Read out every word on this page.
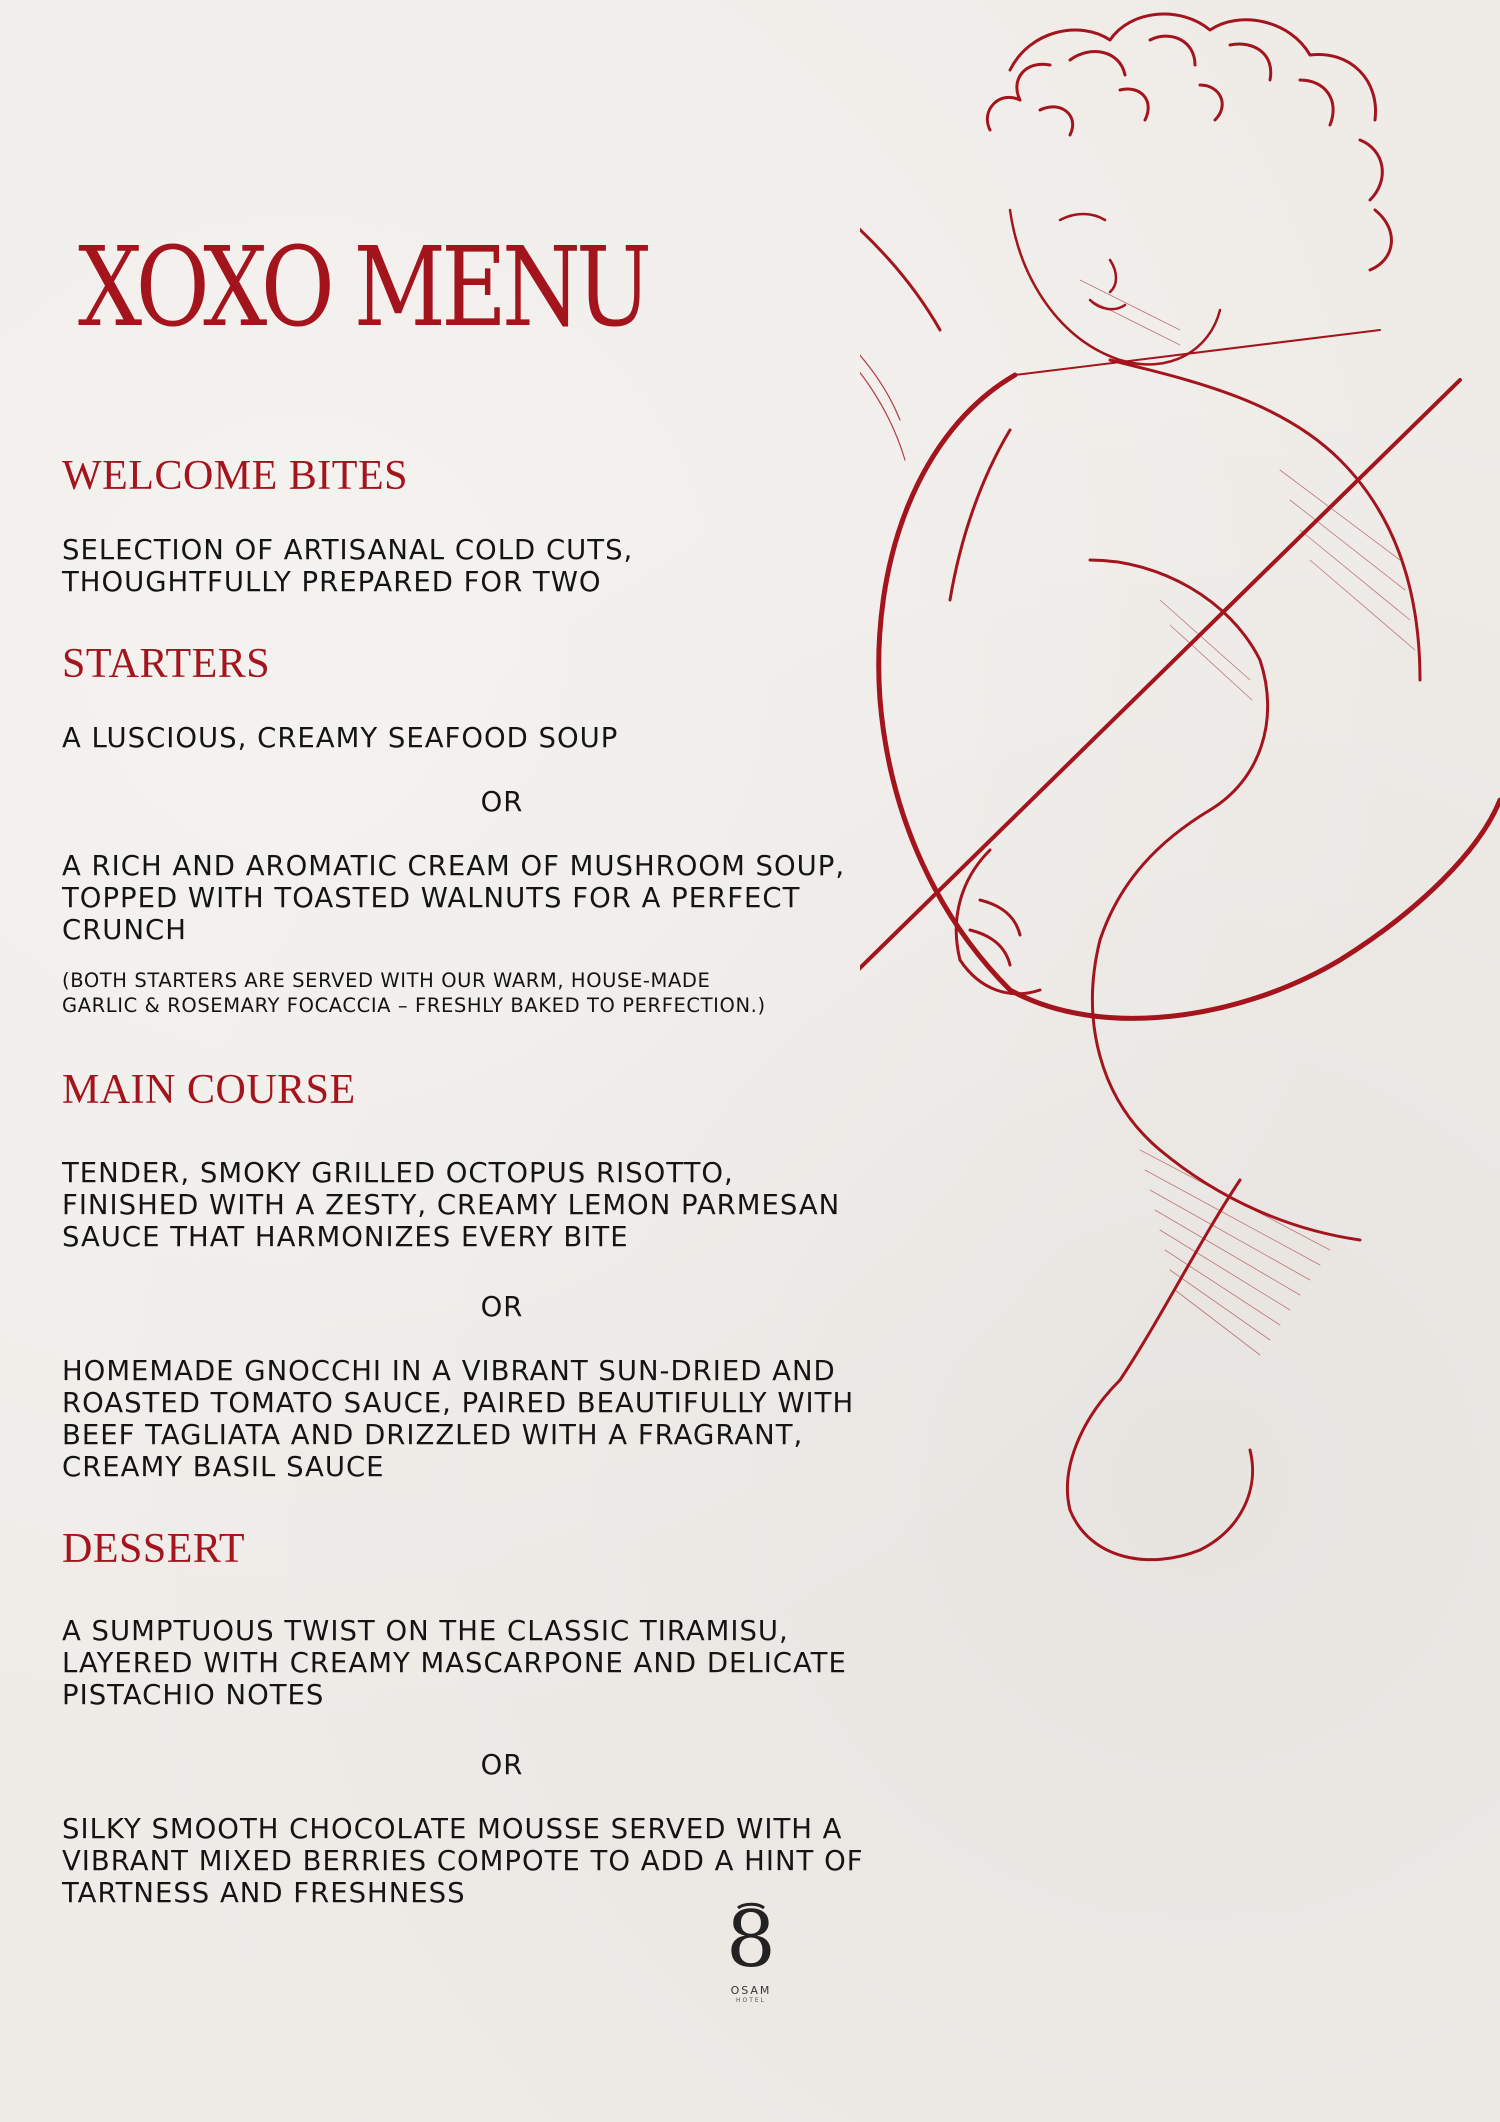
XOXO MENU
WELCOME BITES

SELECTION OF ARTISANAL COLD CUTS,
THOUGHTFULLY PREPARED FOR TWO

STARTERS

A LUSCIOUS, CREAMY SEAFOOD SOUP

OR

A RICH AND AROMATIC CREAM OF MUSHROOM SOUP,
TOPPED WITH TOASTED WALNUTS FOR A PERFECT
CRUNCH

(BOTH STARTERS ARE SERVED WITH OUR WARM, HOUSE-MADE
GARLIC & ROSEMARY FOCACCIA – FRESHLY BAKED TO PERFECTION.)

MAIN COURSE

TENDER, SMOKY GRILLED OCTOPUS RISOTTO,
FINISHED WITH A ZESTY, CREAMY LEMON PARMESAN
SAUCE THAT HARMONIZES EVERY BITE

OR

HOMEMADE GNOCCHI IN A VIBRANT SUN-DRIED AND
ROASTED TOMATO SAUCE, PAIRED BEAUTIFULLY WITH
BEEF TAGLIATA AND DRIZZLED WITH A FRAGRANT,
CREAMY BASIL SAUCE

DESSERT

A SUMPTUOUS TWIST ON THE CLASSIC TIRAMISU,
LAYERED WITH CREAMY MASCARPONE AND DELICATE
PISTACHIO NOTES

OR

SILKY SMOOTH CHOCOLATE MOUSSE SERVED WITH A
VIBRANT MIXED BERRIES COMPOTE TO ADD A HINT OF
TARTNESS AND FRESHNESS

8
OSAM
HOTEL
